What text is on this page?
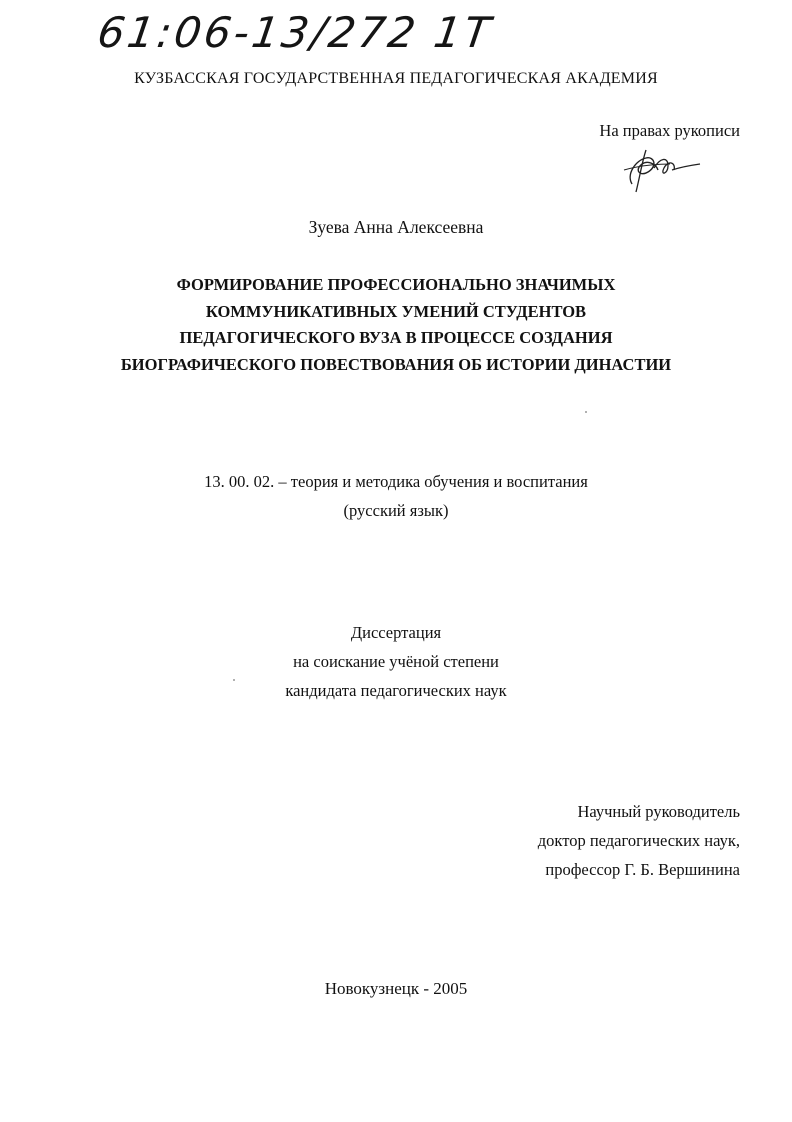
61:06-13/272 1Т
КУЗБАССКАЯ ГОСУДАРСТВЕННАЯ ПЕДАГОГИЧЕСКАЯ АКАДЕМИЯ
На правах рукописи
Зуева Анна Алексеевна
ФОРМИРОВАНИЕ ПРОФЕССИОНАЛЬНО ЗНАЧИМЫХ
КОММУНИКАТИВНЫХ УМЕНИЙ СТУДЕНТОВ
ПЕДАГОГИЧЕСКОГО ВУЗА В ПРОЦЕССЕ СОЗДАНИЯ
БИОГРАФИЧЕСКОГО ПОВЕСТВОВАНИЯ ОБ ИСТОРИИ ДИНАСТИИ
13. 00. 02. – теория и методика обучения и воспитания
(русский язык)
Диссертация
на соискание учёной степени
кандидата педагогических наук
Научный руководитель
доктор педагогических наук,
профессор Г. Б. Вершинина
Новокузнецк - 2005
